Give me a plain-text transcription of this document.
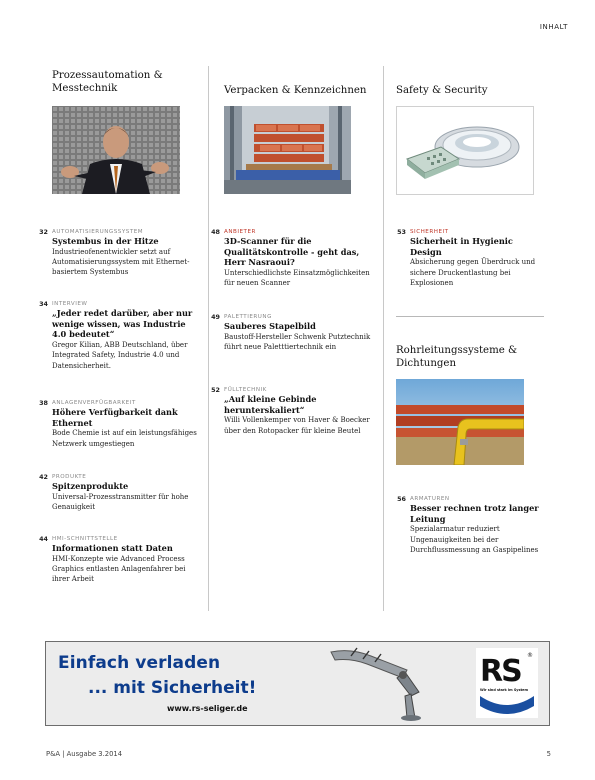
INHALT
Prozessautomation & Messtechnik	Verpacken & Kennzeichnen	Safety & Security
32 AUTOMATISIERUNGSSYSTEM
Systembus in der Hitze
Industrieofenentwickler setzt auf Automatisierungssystem mit Ethernet-basiertem Systembus
34 INTERVIEW
„Jeder redet darüber, aber nur wenige wissen, was Industrie 4.0 bedeutet“
Gregor Kilian, ABB Deutschland, über Integrated Safety, Industrie 4.0 und Datensicherheit.
38 ANLAGENVERFÜGBARKEIT
Höhere Verfügbarkeit dank Ethernet
Bode Chemie ist auf ein leistungsfähiges Netzwerk umgestiegen
42 PRODUKTE
Spitzenprodukte
Universal-Prozesstransmitter für hohe Genauigkeit
44 HMI-SCHNITTSTELLE
Informationen statt Daten
HMI-Konzepte wie Advanced Process Graphics entlasten Anlagenfahrer bei ihrer Arbeit
48 ANBIETER
3D-Scanner für die Qualitätskontrolle - geht das, Herr Nasraoui?
Unterschiedlichste Einsatzmöglichkeiten für neuen Scanner
49 PALETTIERUNG
Sauberes Stapelbild
Baustoff-Hersteller Schwenk Putztechnik führt neue Paletttiertechnik ein
52 FÜLLTECHNIK
„Auf kleine Gebinde herunterskaliert“
Willi Vollenkemper von Haver & Boecker über den Rotopacker für kleine Beutel
53 SICHERHEIT
Sicherheit in Hygienic Design
Absicherung gegen Überdruck und sichere Druckentlastung bei Explosionen
Rohrleitungssysteme & Dichtungen
56 ARMATUREN
Besser rechnen trotz langer Leitung
Spezialarmatur reduziert Ungenauigkeiten bei der Durchflussmessung an Gaspipelines
Einfach verladen
... mit Sicherheit!
www.rs-seliger.de
RS ®
Wir sind stark im System
P&A | Ausgabe 3.2014	5
